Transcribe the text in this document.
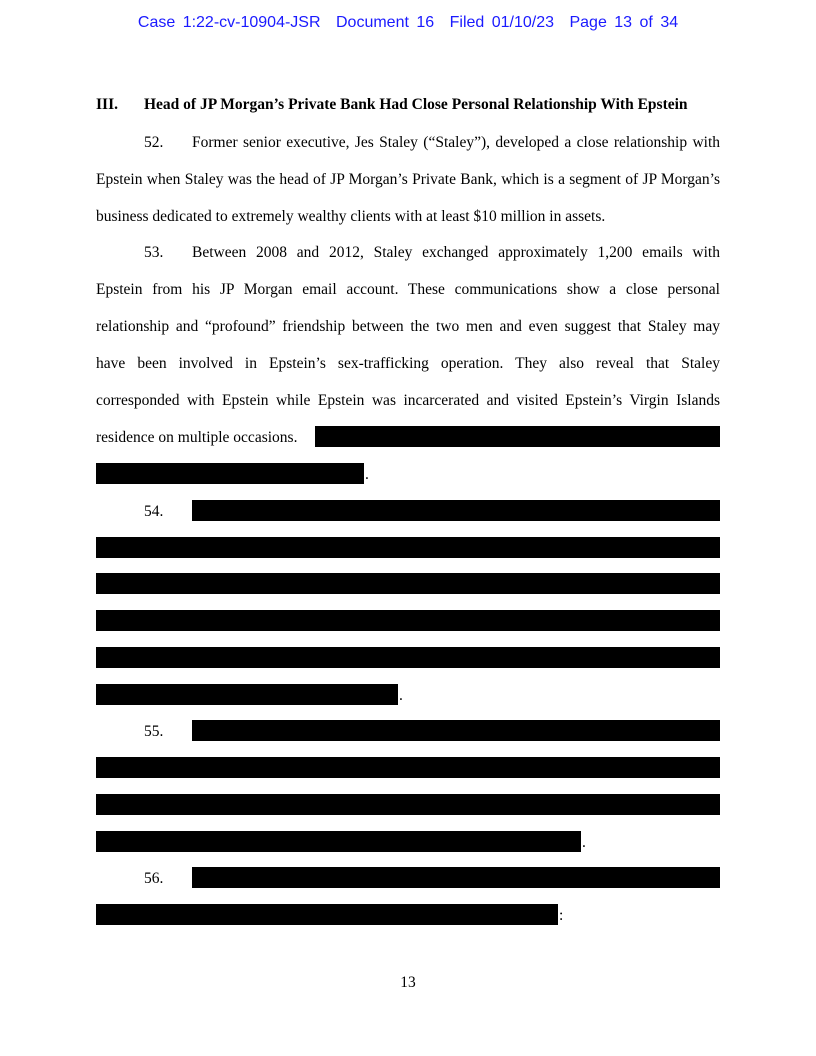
Case 1:22-cv-10904-JSR Document 16 Filed 01/10/23 Page 13 of 34
III. Head of JP Morgan’s Private Bank Had Close Personal Relationship With Epstein
52. Former senior executive, Jes Staley (“Staley”), developed a close relationship with
Epstein when Staley was the head of JP Morgan’s Private Bank, which is a segment of JP Morgan’s
business dedicated to extremely wealthy clients with at least $10 million in assets.
53. Between 2008 and 2012, Staley exchanged approximately 1,200 emails with
Epstein from his JP Morgan email account. These communications show a close personal
relationship and “profound” friendship between the two men and even suggest that Staley may
have been involved in Epstein’s sex-trafficking operation. They also reveal that Staley
corresponded with Epstein while Epstein was incarcerated and visited Epstein’s Virgin Islands
residence on multiple occasions.
.
54.
.
55.
.
56.
:
13
